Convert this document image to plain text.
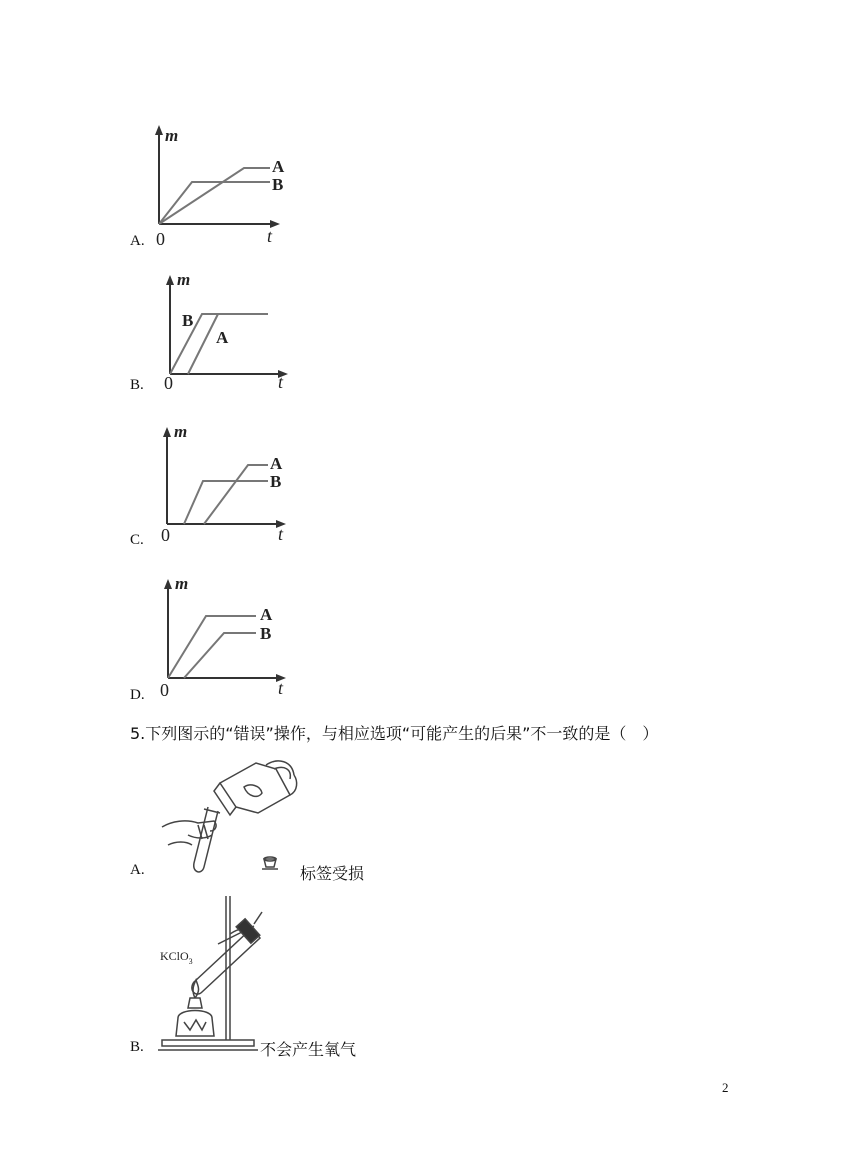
A.
m
t
0
A
B
B.
m
t
0
B
A
C.
m
t
0
A
B
D.
m
t
0
A
B
5.下列图示的“错误”操作，与相应选项“可能产生的后果”不一致的是（　）
A.	标签受损
B.
KClO$_3$
不会产生氧气
2
